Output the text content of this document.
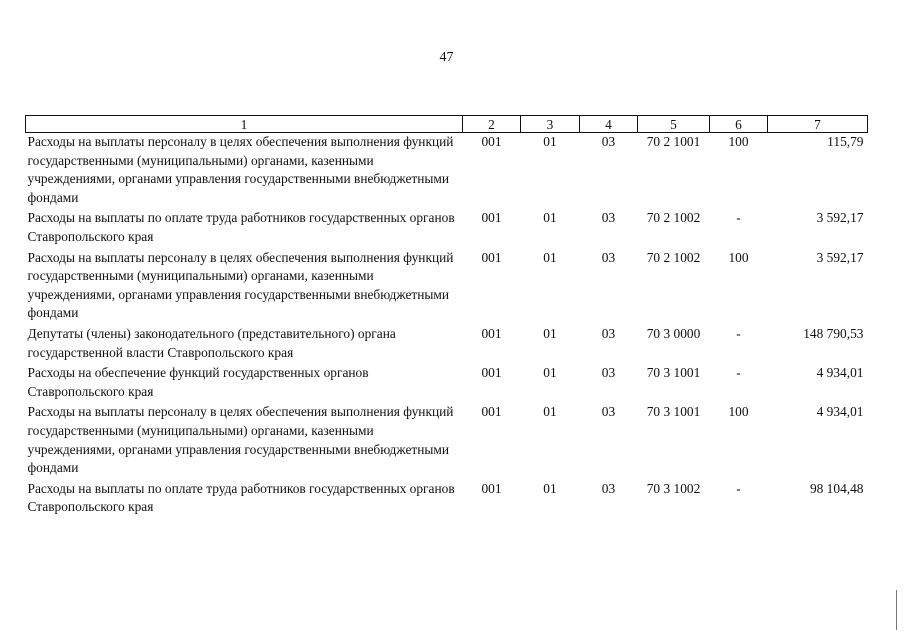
47
1	2	3	4	5	6	7
Расходы на выплаты персоналу в целях обеспечения выполнения функций государственными (муниципальными) органами, казенными учреждениями, органами управления государственными внебюджетными фондами	001	01	03	70 2 1001	100	115,79
Расходы на выплаты по оплате труда работников государственных органов Ставропольского края	001	01	03	70 2 1002	-	3 592,17
Расходы на выплаты персоналу в целях обеспечения выполнения функций государственными (муниципальными) органами, казенными учреждениями, органами управления государственными внебюджетными фондами	001	01	03	70 2 1002	100	3 592,17
Депутаты (члены) законодательного (представительного) органа государственной власти Ставропольского края	001	01	03	70 3 0000	-	148 790,53
Расходы на обеспечение функций государственных органов Ставропольского края	001	01	03	70 3 1001	-	4 934,01
Расходы на выплаты персоналу в целях обеспечения выполнения функций государственными (муниципальными) органами, казенными учреждениями, органами управления государственными внебюджетными фондами	001	01	03	70 3 1001	100	4 934,01
Расходы на выплаты по оплате труда работников государственных органов Ставропольского края	001	01	03	70 3 1002	-	98 104,48
